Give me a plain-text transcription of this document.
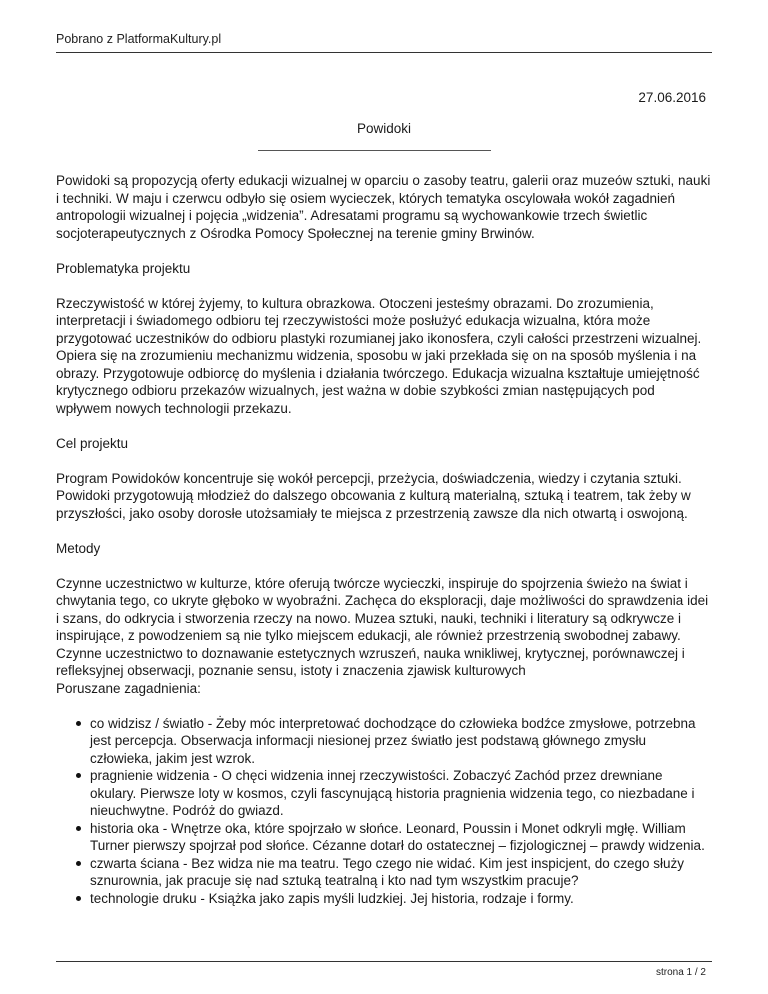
Pobrano z PlatformaKultury.pl
27.06.2016
Powidoki

Powidoki są propozycją oferty edukacji wizualnej w oparciu o zasoby teatru, galerii oraz muzeów sztuki, nauki i techniki. W maju i czerwcu odbyło się osiem wycieczek, których tematyka oscylowała wokół zagadnień antropologii wizualnej i pojęcia „widzenia”. Adresatami programu są wychowankowie trzech świetlic socjoterapeutycznych z Ośrodka Pomocy Społecznej na terenie gminy Brwinów.

Problematyka projektu

Rzeczywistość w której żyjemy, to kultura obrazkowa. Otoczeni jesteśmy obrazami. Do zrozumienia, interpretacji i świadomego odbioru tej rzeczywistości może posłużyć edukacja wizualna, która może przygotować uczestników do odbioru plastyki rozumianej jako ikonosfera, czyli całości przestrzeni wizualnej. Opiera się na zrozumieniu mechanizmu widzenia, sposobu w jaki przekłada się on na sposób myślenia i na obrazy. Przygotowuje odbiorcę do myślenia i działania twórczego. Edukacja wizualna kształtuje umiejętność krytycznego odbioru przekazów wizualnych, jest ważna w dobie szybkości zmian następujących pod wpływem nowych technologii przekazu.

Cel projektu

Program Powidoków koncentruje się wokół percepcji, przeżycia, doświadczenia, wiedzy i czytania sztuki. Powidoki przygotowują młodzież do dalszego obcowania z kulturą materialną, sztuką i teatrem, tak żeby w przyszłości, jako osoby dorosłe utożsamiały te miejsca z przestrzenią zawsze dla nich otwartą i oswojoną.

Metody

Czynne uczestnictwo w kulturze, które oferują twórcze wycieczki, inspiruje do spojrzenia świeżo na świat i chwytania tego, co ukryte głęboko w wyobraźni. Zachęca do eksploracji, daje możliwości do sprawdzenia idei i szans, do odkrycia i stworzenia rzeczy na nowo. Muzea sztuki, nauki, techniki i literatury są odkrywcze i inspirujące, z powodzeniem są nie tylko miejscem edukacji, ale również przestrzenią swobodnej zabawy. Czynne uczestnictwo to doznawanie estetycznych wzruszeń, nauka wnikliwej, krytycznej, porównawczej i refleksyjnej obserwacji, poznanie sensu, istoty i znaczenia zjawisk kulturowych

Poruszane zagadnienia:

co widzisz / światło - Żeby móc interpretować dochodzące do człowieka bodźce zmysłowe, potrzebna jest percepcja. Obserwacja informacji niesionej przez światło jest podstawą głównego zmysłu człowieka, jakim jest wzrok.
pragnienie widzenia - O chęci widzenia innej rzeczywistości. Zobaczyć Zachód przez drewniane okulary. Pierwsze loty w kosmos, czyli fascynującą historia pragnienia widzenia tego, co niezbadane i nieuchwytne. Podróż do gwiazd.
historia oka - Wnętrze oka, które spojrzało w słońce. Leonard, Poussin i Monet odkryli mgłę. William Turner pierwszy spojrzał pod słońce. Cézanne dotarł do ostatecznej – fizjologicznej – prawdy widzenia.
czwarta ściana - Bez widza nie ma teatru. Tego czego nie widać. Kim jest inspicjent, do czego służy sznurownia, jak pracuje się nad sztuką teatralną i kto nad tym wszystkim pracuje?
technologie druku - Książka jako zapis myśli ludzkiej. Jej historia, rodzaje i formy.
strona 1 / 2
